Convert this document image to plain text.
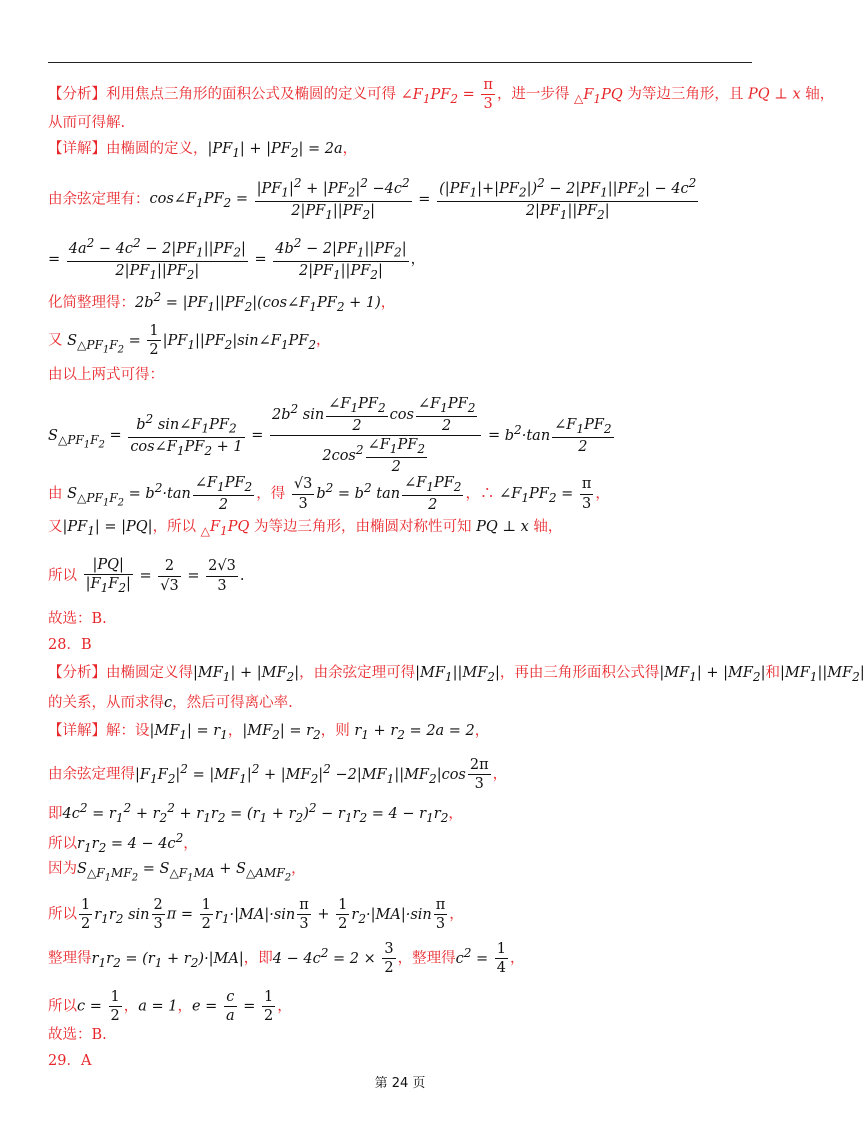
【分析】利用焦点三角形的面积公式及椭圆的定义可得 $\angle F_1PF_2 = \frac{\pi}{3}$ ，进一步得 $_\triangle F_1PQ$ 为等边三角形，且 PQ ⊥ x 轴，
从而可得解.
【详解】由椭圆的定义，$|PF_1| + |PF_2| = 2a$，
由余弦定理有：$\cos\angle F_1PF_2 = \frac{|PF_1|^2 + |PF_2|^2 -4c^2}{2|PF_1||PF_2|} = \frac{(|PF_1|+|PF_2|)^2 - 2|PF_1||PF_2| - 4c^2}{2|PF_1||PF_2|}$
= $\frac{4a^2 - 4c^2 - 2|PF_1||PF_2|}{2|PF_1||PF_2|} = \frac{4b^2 - 2|PF_1||PF_2|}{2|PF_1||PF_2|}$ ，
化简整理得：$2b^2$ = $|PF_1||PF_2|(\cos\angle F_1PF_2 + 1)$，
又 $S_{\triangle PF_1F_2} = \frac{1}{2}$ $|PF_1||PF_2|\sin\angle F_1PF_2$，
由以上两式可得：
$S_{\triangle PF_1F_2} = \frac{b^2 \sin\angle F_1PF_2}{\cos\angle F_1PF_2 + 1} = \frac{2b^2 \sin \frac{\angle F_1PF_2}{2} \cos \frac{\angle F_1PF_2}{2}}{2\cos^2 \frac{\angle F_1PF_2}{2}} = b^2\cdot\tan \frac{\angle F_1PF_2}{2}$
由 $S_{\triangle PF_1F_2} = b^2\cdot\tan \frac{\angle F_1PF_2}{2}$ ，得 $\frac{√3}{3} b^2 = b^2$ $\tan \frac{\angle F_1PF_2}{2}$ ，∴ $\angle F_1PF_2 = \frac{\pi}{3}$ ，
又$|PF_1| = |PQ|$，所以 $_\triangle F_1PQ$ 为等边三角形，由椭圆对称性可知 PQ ⊥ x 轴，
所以 $\frac{|PQ|}{|F_1F_2|} = \frac{2}{√3} = \frac{2√3}{3}$ .
故选：B.
28．B
【分析】由椭圆定义得$|MF_1| + |MF_2|$，由余弦定理可得$|MF_1||MF_2|$，再由三角形面积公式得$|MF_1| + |MF_2|$和$|MF_1||MF_2|$
的关系，从而求得c，然后可得离心率.
【详解】解：设$|MF_1| = r_1$，$|MF_2| = r_2$，则 $r_1 + r_2 = 2a = 2$，
由余弦定理得$|F_1F_2|^2 = |MF_1|^2 + |MF_2|^2 -2|MF_1||MF_2|\cos \frac{2\pi}{3}$ ，
即$4c^2 = r_1^2 + r_2^2 + r_1r_2 = (r_1 + r_2)^2 - r_1r_2 = 4 - r_1r_2$，
所以$r_1r_2 = 4 - 4c^2$，
因为$S_{\triangle F_1MF_2} = S_{\triangle F_1MA} + S_{\triangle AMF_2}$，
所以 $\frac{1}{2} r_1r_2$ $\sin \frac{2}{3}$ $\pi = \frac{1}{2} r_1\cdot|MA|\cdot\sin \frac{\pi}{3} + \frac{1}{2} r_2\cdot|MA|\cdot\sin \frac{\pi}{3}$ ，
整理得$r_1r_2 = (r_1 + r_2)\cdot|MA|$，即$4 - 4c^2 = 2 \times \frac{3}{2}$ ，整理得$c^2 = \frac{1}{4}$ ，
所以$c = \frac{1}{2}$ ，a = 1，$e = \frac{c}{a} = \frac{1}{2}$ ，
故选：B.
29．A
第 24 页
